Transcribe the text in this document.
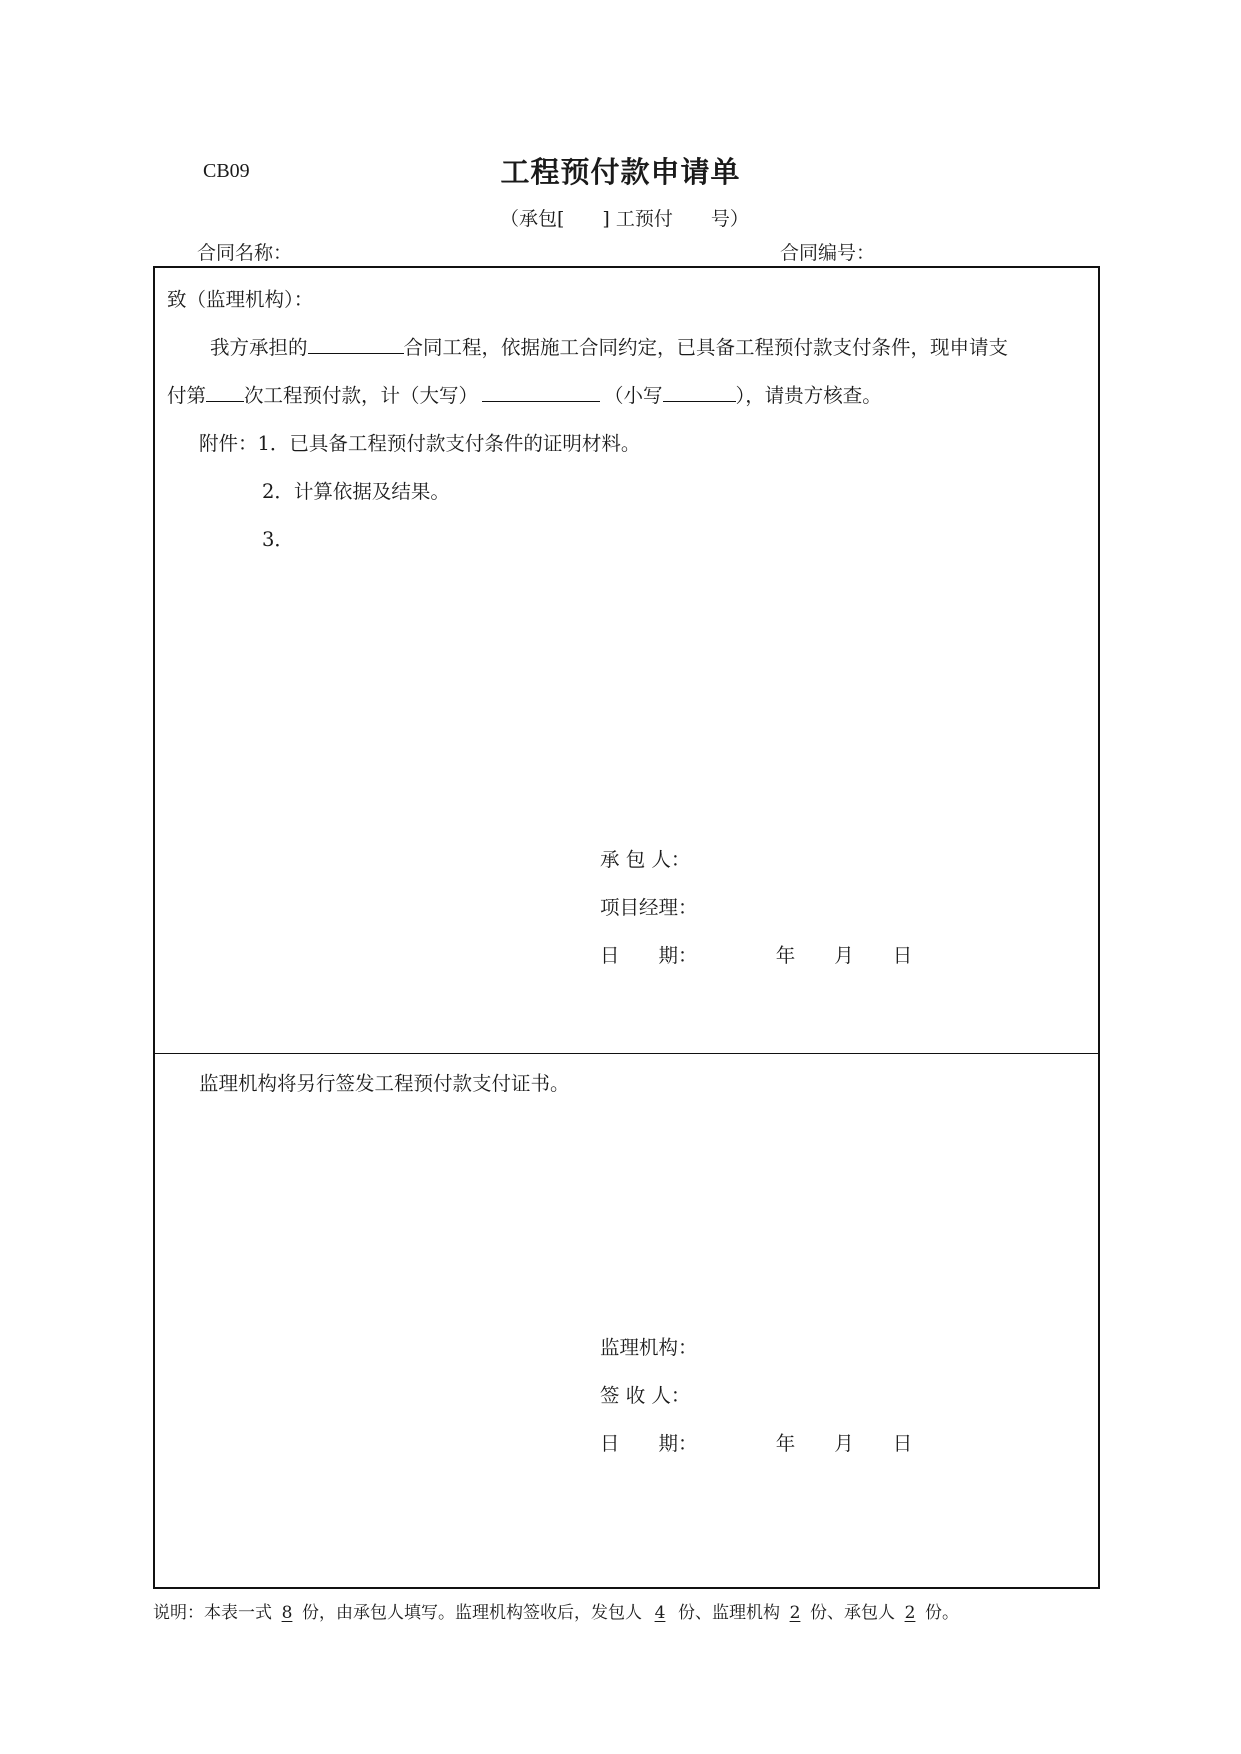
CB09	工程预付款申请单
（承包[　　] 工预付　　号）
合同名称：	合同编号：
致（监理机构）：
我方承担的	合同工程，依据施工合同约定，已具备工程预付款支付条件，现申请支
付第 次工程预付款，计（大写）	（小写	），请贵方核查。
附件：1．已具备工程预付款支付条件的证明材料。
2．计算依据及结果。
3．
承 包 人：
项目经理：
日　　期：	年　　月　　日
监理机构将另行签发工程预付款支付证书。
监理机构：
签 收 人：
日　　期：	年　　月　　日
说明：本表一式 8 份，由承包人填写。监理机构签收后，发包人 4 份、监理机构 2 份、承包人 2 份。
